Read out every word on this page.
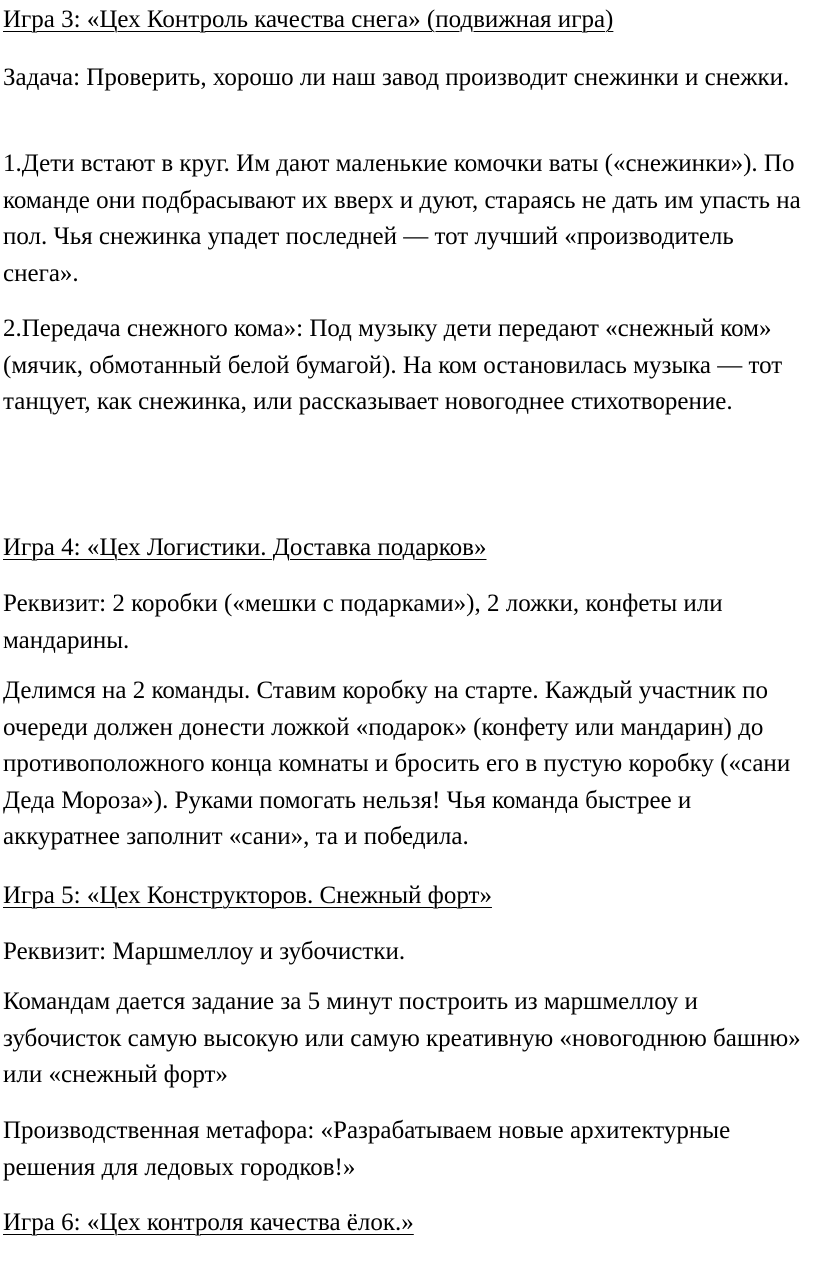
Игра 3: «Цех Контроль качества снега» (подвижная игра)

Задача: Проверить, хорошо ли наш завод производит снежинки и снежки.

1.Дети встают в круг. Им дают маленькие комочки ваты («снежинки»). По команде они подбрасывают их вверх и дуют, стараясь не дать им упасть на пол. Чья снежинка упадет последней — тот лучший «производитель снега».

2.Передача снежного кома»: Под музыку дети передают «снежный ком» (мячик, обмотанный белой бумагой). На ком остановилась музыка — тот танцует, как снежинка, или рассказывает новогоднее стихотворение.

Игра 4: «Цех Логистики. Доставка подарков»

Реквизит: 2 коробки («мешки с подарками»), 2 ложки, конфеты или мандарины.

Делимся на 2 команды. Ставим коробку на старте. Каждый участник по очереди должен донести ложкой «подарок» (конфету или мандарин) до противоположного конца комнаты и бросить его в пустую коробку («сани Деда Мороза»). Руками помогать нельзя! Чья команда быстрее и аккуратнее заполнит «сани», та и победила.

Игра 5: «Цех Конструкторов. Снежный форт»

Реквизит: Маршмеллоу и зубочистки.

Командам дается задание за 5 минут построить из маршмеллоу и зубочисток самую высокую или самую креативную «новогоднюю башню» или «снежный форт»

Производственная метафора: «Разрабатываем новые архитектурные решения для ледовых городков!»

Игра 6: «Цех контроля качества ёлок.»
